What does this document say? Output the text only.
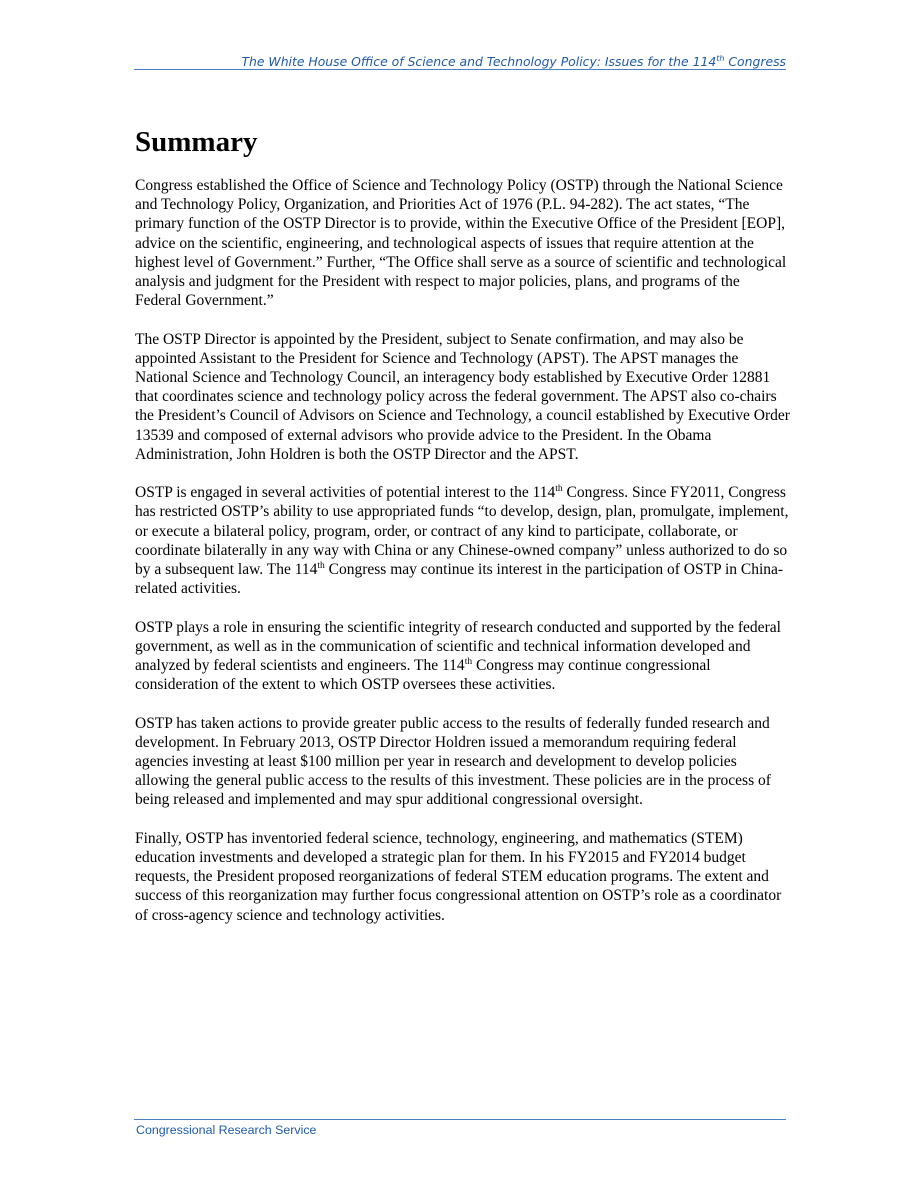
The White House Office of Science and Technology Policy: Issues for the 114th Congress
Summary

Congress established the Office of Science and Technology Policy (OSTP) through the National Science and Technology Policy, Organization, and Priorities Act of 1976 (P.L. 94-282). The act states, “The primary function of the OSTP Director is to provide, within the Executive Office of the President [EOP], advice on the scientific, engineering, and technological aspects of issues that require attention at the highest level of Government.” Further, “The Office shall serve as a source of scientific and technological analysis and judgment for the President with respect to major policies, plans, and programs of the Federal Government.”

The OSTP Director is appointed by the President, subject to Senate confirmation, and may also be appointed Assistant to the President for Science and Technology (APST). The APST manages the National Science and Technology Council, an interagency body established by Executive Order 12881 that coordinates science and technology policy across the federal government. The APST also co-chairs the President’s Council of Advisors on Science and Technology, a council established by Executive Order 13539 and composed of external advisors who provide advice to the President. In the Obama Administration, John Holdren is both the OSTP Director and the APST.

OSTP is engaged in several activities of potential interest to the 114th Congress. Since FY2011, Congress has restricted OSTP’s ability to use appropriated funds “to develop, design, plan, promulgate, implement, or execute a bilateral policy, program, order, or contract of any kind to participate, collaborate, or coordinate bilaterally in any way with China or any Chinese-owned company” unless authorized to do so by a subsequent law. The 114th Congress may continue its interest in the participation of OSTP in China-related activities.

OSTP plays a role in ensuring the scientific integrity of research conducted and supported by the federal government, as well as in the communication of scientific and technical information developed and analyzed by federal scientists and engineers. The 114th Congress may continue congressional consideration of the extent to which OSTP oversees these activities.

OSTP has taken actions to provide greater public access to the results of federally funded research and development. In February 2013, OSTP Director Holdren issued a memorandum requiring federal agencies investing at least $100 million per year in research and development to develop policies allowing the general public access to the results of this investment. These policies are in the process of being released and implemented and may spur additional congressional oversight.

Finally, OSTP has inventoried federal science, technology, engineering, and mathematics (STEM) education investments and developed a strategic plan for them. In his FY2015 and FY2014 budget requests, the President proposed reorganizations of federal STEM education programs. The extent and success of this reorganization may further focus congressional attention on OSTP’s role as a coordinator of cross-agency science and technology activities.

Congressional Research Service
